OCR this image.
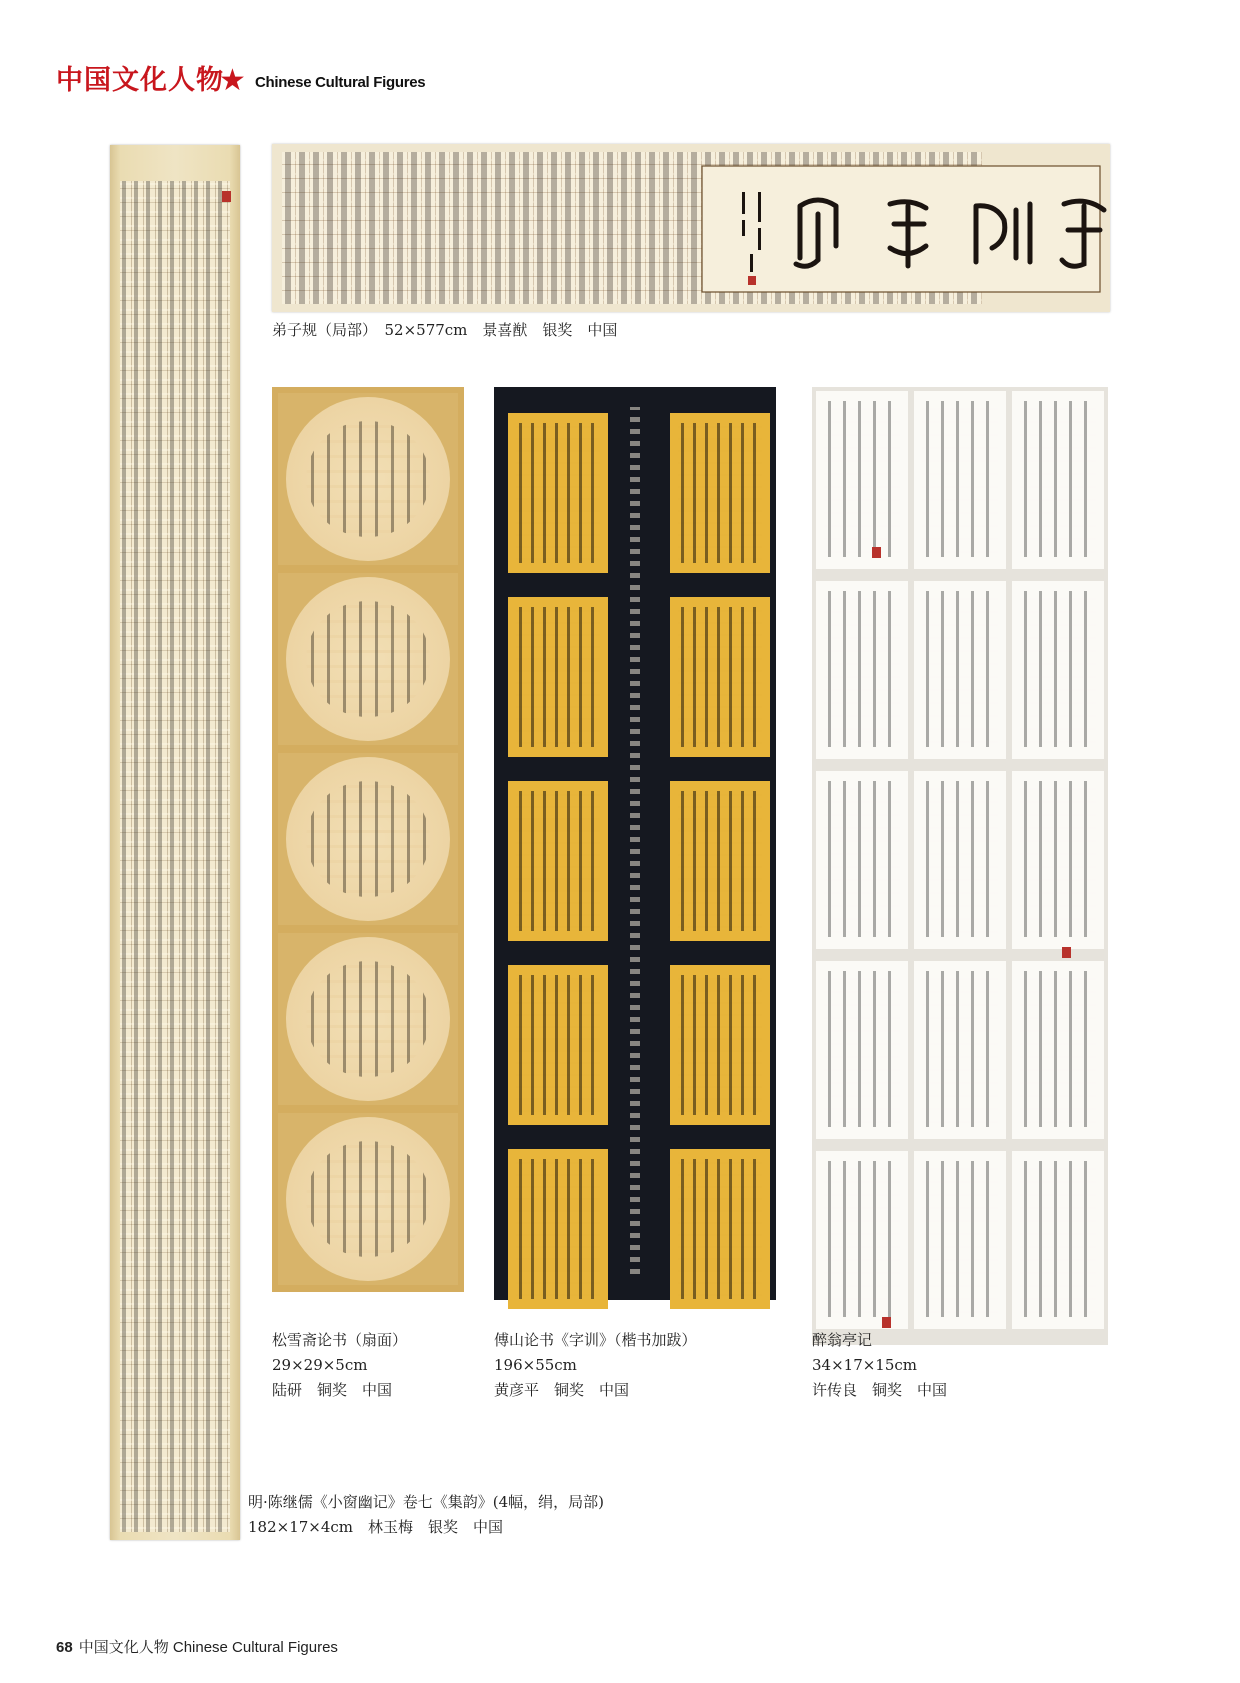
中国文化人物
★ Chinese Cultural Figures
弟子规（局部）　52×577cm　景喜猷　银奖　中国
松雪斋论书（扇面）
29×29×5cm
陆研　铜奖　中国
傅山论书《字训》（楷书加跋）
196×55cm
黄彦平　铜奖　中国
醉翁亭记
34×17×15cm
许传良　铜奖　中国
明·陈继儒《小窗幽记》卷七《集韵》(4幅，绢，局部)
182×17×4cm　林玉梅　银奖　中国
68 中国文化人物 Chinese Cultural Figures
